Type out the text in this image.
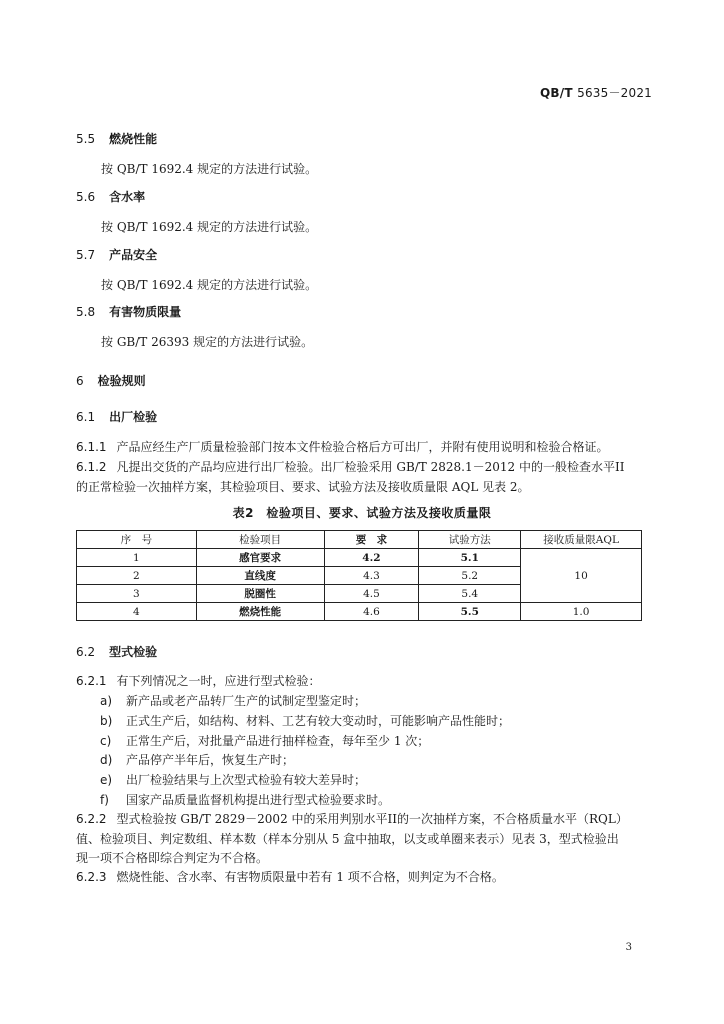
QB/T 5635－2021
5.5 燃烧性能
按 QB/T 1692.4 规定的方法进行试验。
5.6 含水率
按 QB/T 1692.4 规定的方法进行试验。
5.7 产品安全
按 QB/T 1692.4 规定的方法进行试验。
5.8 有害物质限量
按 GB/T 26393 规定的方法进行试验。
6 检验规则
6.1 出厂检验
6.1.1 产品应经生产厂质量检验部门按本文件检验合格后方可出厂，并附有使用说明和检验合格证。
6.1.2 凡提出交货的产品均应进行出厂检验。出厂检验采用 GB/T 2828.1－2012 中的一般检查水平II
的正常检验一次抽样方案，其检验项目、要求、试验方法及接收质量限 AQL 见表 2。
表2　检验项目、要求、试验方法及接收质量限
序　号	检验项目	要　求	试验方法	接收质量限AQL
1	感官要求	4.2	5.1	10
2	直线度	4.3	5.2	
3	脱圈性	4.5	5.4	
4	燃烧性能	4.6	5.5	1.0
6.2 型式检验
6.2.1 有下列情况之一时，应进行型式检验：
a) 新产品或老产品转厂生产的试制定型鉴定时；
b) 正式生产后，如结构、材料、工艺有较大变动时，可能影响产品性能时；
c) 正常生产后，对批量产品进行抽样检查，每年至少 1 次；
d) 产品停产半年后，恢复生产时；
e) 出厂检验结果与上次型式检验有较大差异时；
f) 国家产品质量监督机构提出进行型式检验要求时。
6.2.2 型式检验按 GB/T 2829－2002 中的采用判别水平II的一次抽样方案，不合格质量水平（RQL）
值、检验项目、判定数组、样本数（样本分别从 5 盒中抽取，以支或单圈来表示）见表 3，型式检验出
现一项不合格即综合判定为不合格。
6.2.3 燃烧性能、含水率、有害物质限量中若有 1 项不合格，则判定为不合格。
3
